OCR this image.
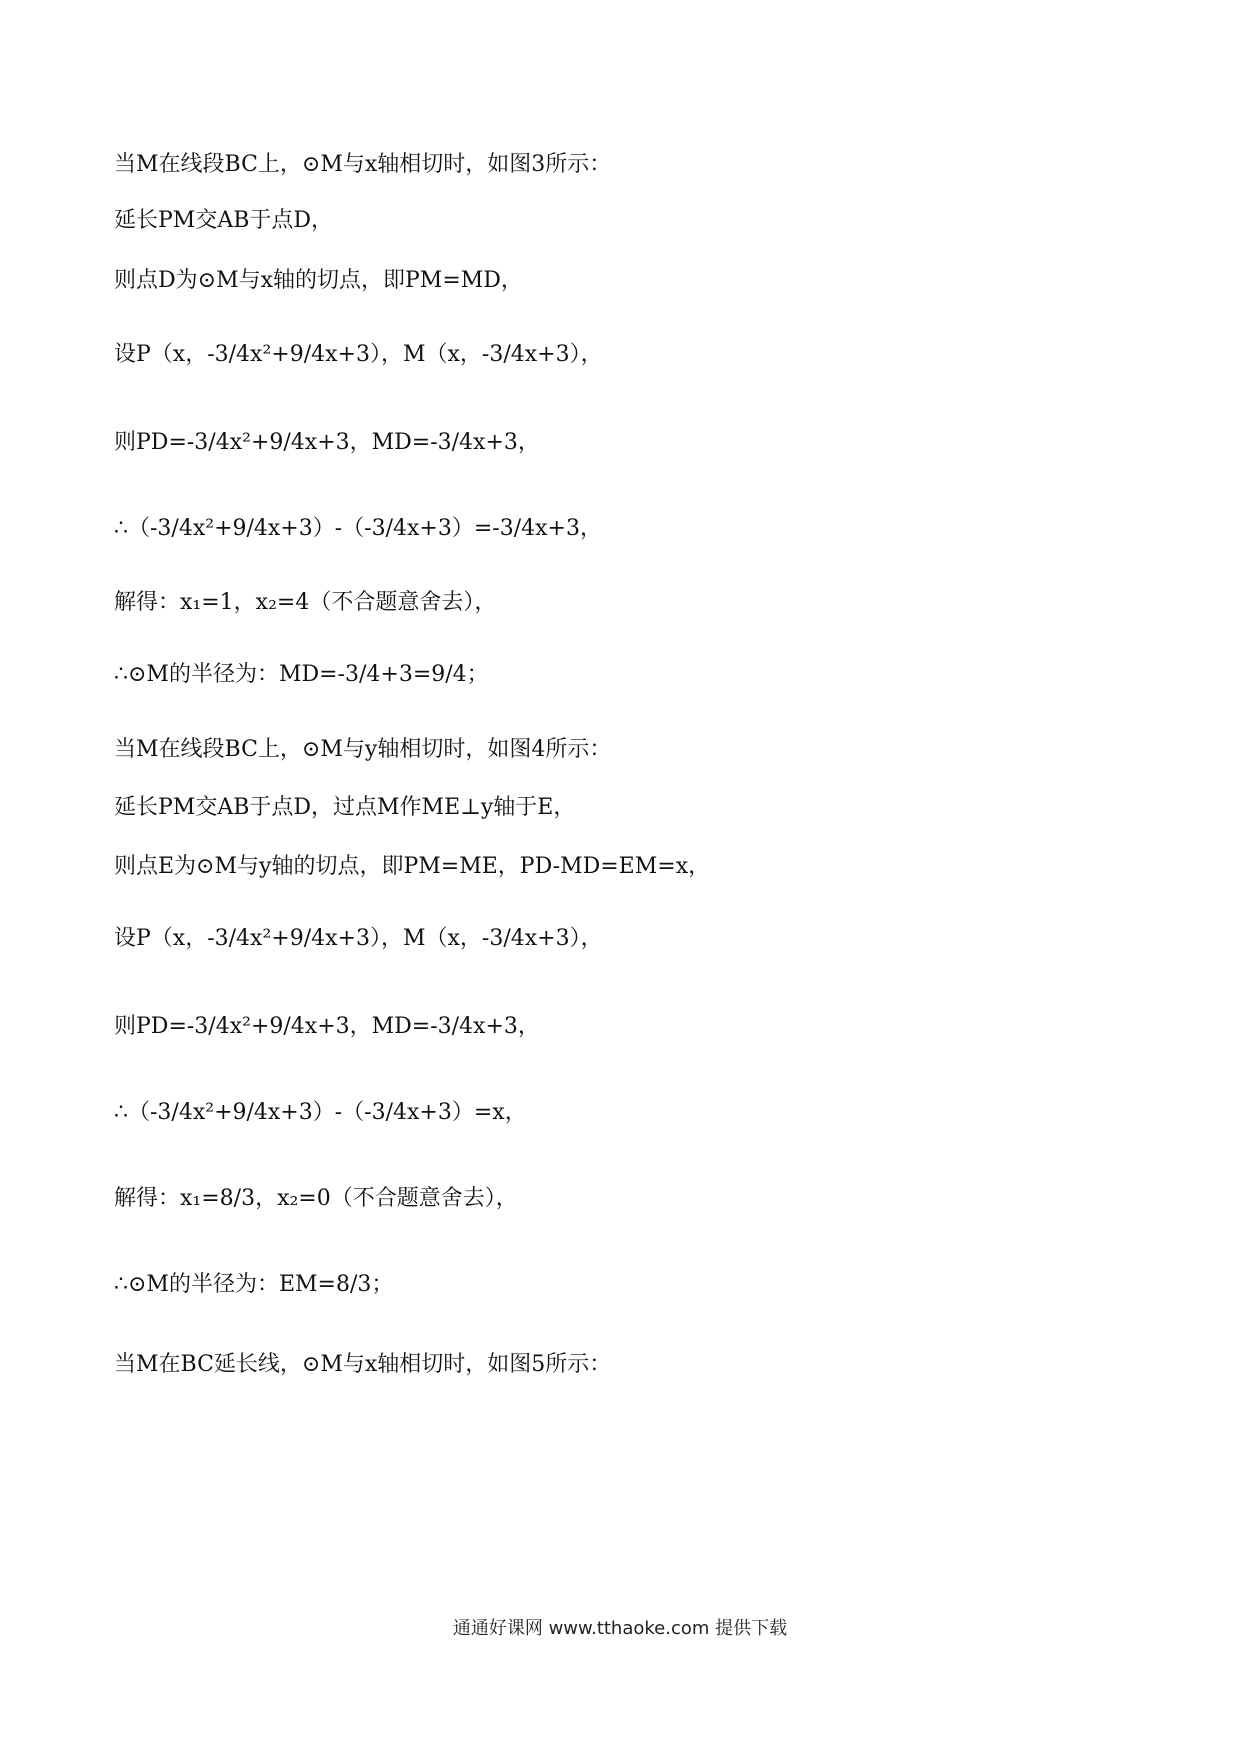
当M在线段BC上，⊙M与x轴相切时，如图3所示：
延长PM交AB于点D，
则点D为⊙M与x轴的切点，即PM=MD，
设P（x，-3/4x²+9/4x+3），M（x，-3/4x+3），
则PD=-3/4x²+9/4x+3，MD=-3/4x+3，
∴（-3/4x²+9/4x+3）-（-3/4x+3）=-3/4x+3，
解得：x₁=1，x₂=4（不合题意舍去），
∴⊙M的半径为：MD=-3/4+3=9/4；
当M在线段BC上，⊙M与y轴相切时，如图4所示：
延长PM交AB于点D，过点M作ME⊥y轴于E，
则点E为⊙M与y轴的切点，即PM=ME，PD-MD=EM=x，
设P（x，-3/4x²+9/4x+3），M（x，-3/4x+3），
则PD=-3/4x²+9/4x+3，MD=-3/4x+3，
∴（-3/4x²+9/4x+3）-（-3/4x+3）=x，
解得：x₁=8/3，x₂=0（不合题意舍去），
∴⊙M的半径为：EM=8/3；
当M在BC延长线，⊙M与x轴相切时，如图5所示：
通通好课网 www.tthaoke.com 提供下载
